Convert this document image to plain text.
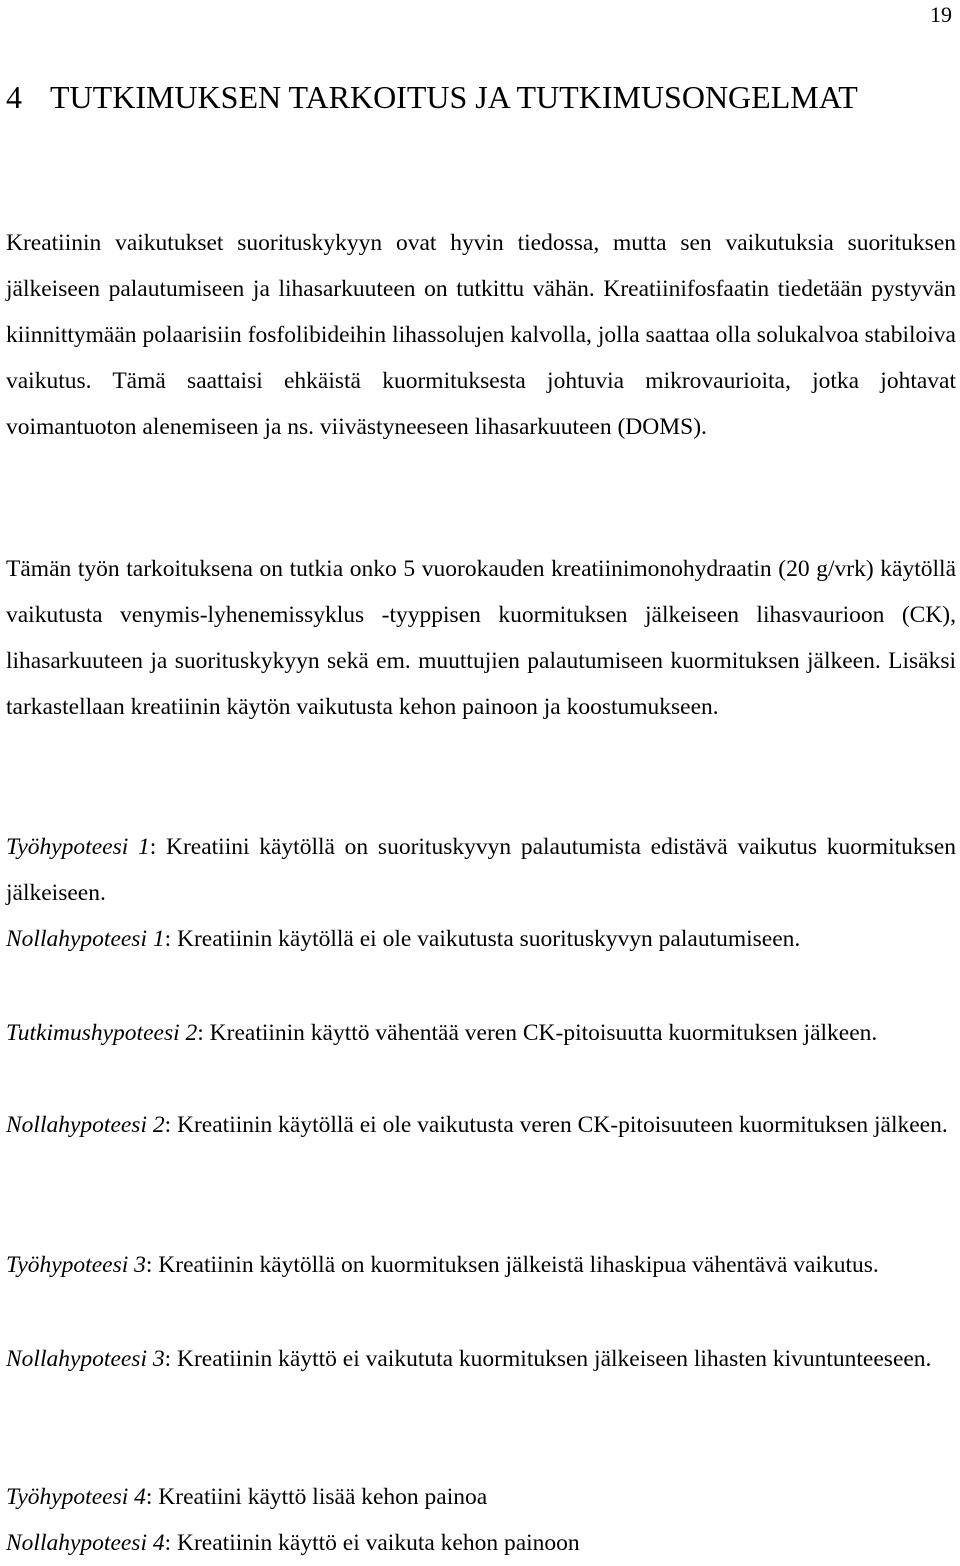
19
4 TUTKIMUKSEN TARKOITUS JA TUTKIMUSONGELMAT

Kreatiinin vaikutukset suorituskykyyn ovat hyvin tiedossa, mutta sen vaikutuksia suorituksen jälkeiseen palautumiseen ja lihasarkuuteen on tutkittu vähän. Kreatiinifosfaatin tiedetään pystyvän kiinnittymään polaarisiin fosfolibideihin lihassolujen kalvolla, jolla saattaa olla solukalvoa stabiloiva vaikutus. Tämä saattaisi ehkäistä kuormituksesta johtuvia mikrovaurioita, jotka johtavat voimantuoton alenemiseen ja ns. viivästyneeseen lihasarkuuteen (DOMS).

Tämän työn tarkoituksena on tutkia onko 5 vuorokauden kreatiinimonohydraatin (20 g/vrk) käytöllä vaikutusta venymis-lyhenemissyklus -tyyppisen kuormituksen jälkeiseen lihasvaurioon (CK), lihasarkuuteen ja suorituskykyyn sekä em. muuttujien palautumiseen kuormituksen jälkeen. Lisäksi tarkastellaan kreatiinin käytön vaikutusta kehon painoon ja koostumukseen.

Työhypoteesi 1: Kreatiini käytöllä on suorituskyvyn palautumista edistävä vaikutus kuormituksen jälkeiseen.

Nollahypoteesi 1: Kreatiinin käytöllä ei ole vaikutusta suorituskyvyn palautumiseen.

Tutkimushypoteesi 2: Kreatiinin käyttö vähentää veren CK-pitoisuutta kuormituksen jälkeen.

Nollahypoteesi 2: Kreatiinin käytöllä ei ole vaikutusta veren CK-pitoisuuteen kuormituksen jälkeen.

Työhypoteesi 3: Kreatiinin käytöllä on kuormituksen jälkeistä lihaskipua vähentävä vaikutus.

Nollahypoteesi 3: Kreatiinin käyttö ei vaikututa kuormituksen jälkeiseen lihasten kivuntunteeseen.

Työhypoteesi 4: Kreatiini käyttö lisää kehon painoa

Nollahypoteesi 4: Kreatiinin käyttö ei vaikuta kehon painoon
